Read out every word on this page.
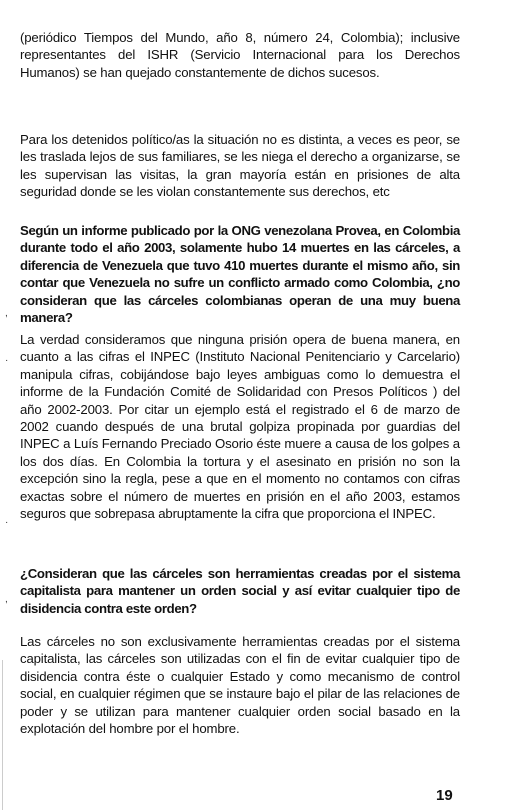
(periódico Tiempos del Mundo, año 8, número 24, Colombia); inclusive representantes del ISHR (Servicio Internacional para los Derechos Humanos) se han quejado constantemente de dichos sucesos.

Para los detenidos político/as la situación no es distinta, a veces es peor, se les traslada lejos de sus familiares, se les niega el derecho a organizarse, se les supervisan las visitas, la gran mayoría están en prisiones de alta seguridad donde se les violan constantemente sus derechos, etc

Según un informe publicado por la ONG venezolana Provea, en Colombia durante todo el año 2003, solamente hubo 14 muertes en las cárceles, a diferencia de Venezuela que tuvo 410 muertes durante el mismo año, sin contar que Venezuela no sufre un conflicto armado como Colombia, ¿no consideran que las cárceles colombianas operan de una muy buena manera?

La verdad consideramos que ninguna prisión opera de buena manera, en cuanto a las cifras el INPEC (Instituto Nacional Penitenciario y Carcelario) manipula cifras, cobijándose bajo leyes ambiguas como lo demuestra el informe de la Fundación Comité de Solidaridad con Presos Políticos ) del año 2002-2003. Por citar un ejemplo está el registrado el 6 de marzo de 2002 cuando después de una brutal golpiza propinada por guardias del INPEC a Luís Fernando Preciado Osorio éste muere a causa de los golpes a los dos días. En Colombia la tortura y el asesinato en prisión no son la excepción sino la regla, pese a que en el momento no contamos con cifras exactas sobre el número de muertes en prisión en el año 2003, estamos seguros que sobrepasa abruptamente la cifra que proporciona el INPEC.

¿Consideran que las cárceles son herramientas creadas por el sistema capitalista para mantener un orden social y así evitar cualquier tipo de disidencia contra este orden?

Las cárceles no son exclusivamente herramientas creadas por el sistema capitalista, las cárceles son utilizadas con el fin de evitar cualquier tipo de disidencia contra éste o cualquier Estado y como mecanismo de control social, en cualquier régimen que se instaure bajo el pilar de las relaciones de poder y se utilizan para mantener cualquier orden social basado en la explotación del hombre por el hombre.

,
·
·
,
19
